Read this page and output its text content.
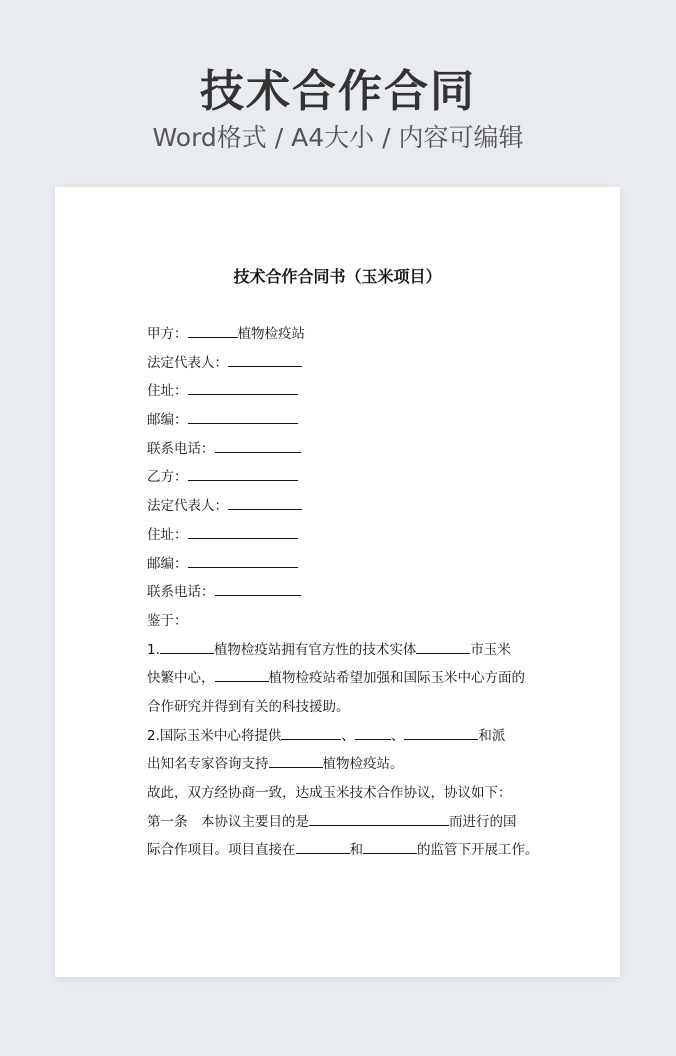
技术合作合同
Word格式 / A4大小 / 内容可编辑
技术合作合同书（玉米项目）
甲方：	植物检疫站
法定代表人：
住址：
邮编：
联系电话：
乙方：
法定代表人：
住址：
邮编：
联系电话：
鉴于：
1.	植物检疫站拥有官方性的技术实体	市玉米
快繁中心，	植物检疫站希望加强和国际玉米中心方面的
合作研究并得到有关的科技援助。
2.国际玉米中心将提供	、	、	和派
出知名专家咨询支持	植物检疫站。
故此，双方经协商一致，达成玉米技术合作协议，协议如下：
第一条　本协议主要目的是	而进行的国
际合作项目。项目直接在	和	的监管下开展工作。
